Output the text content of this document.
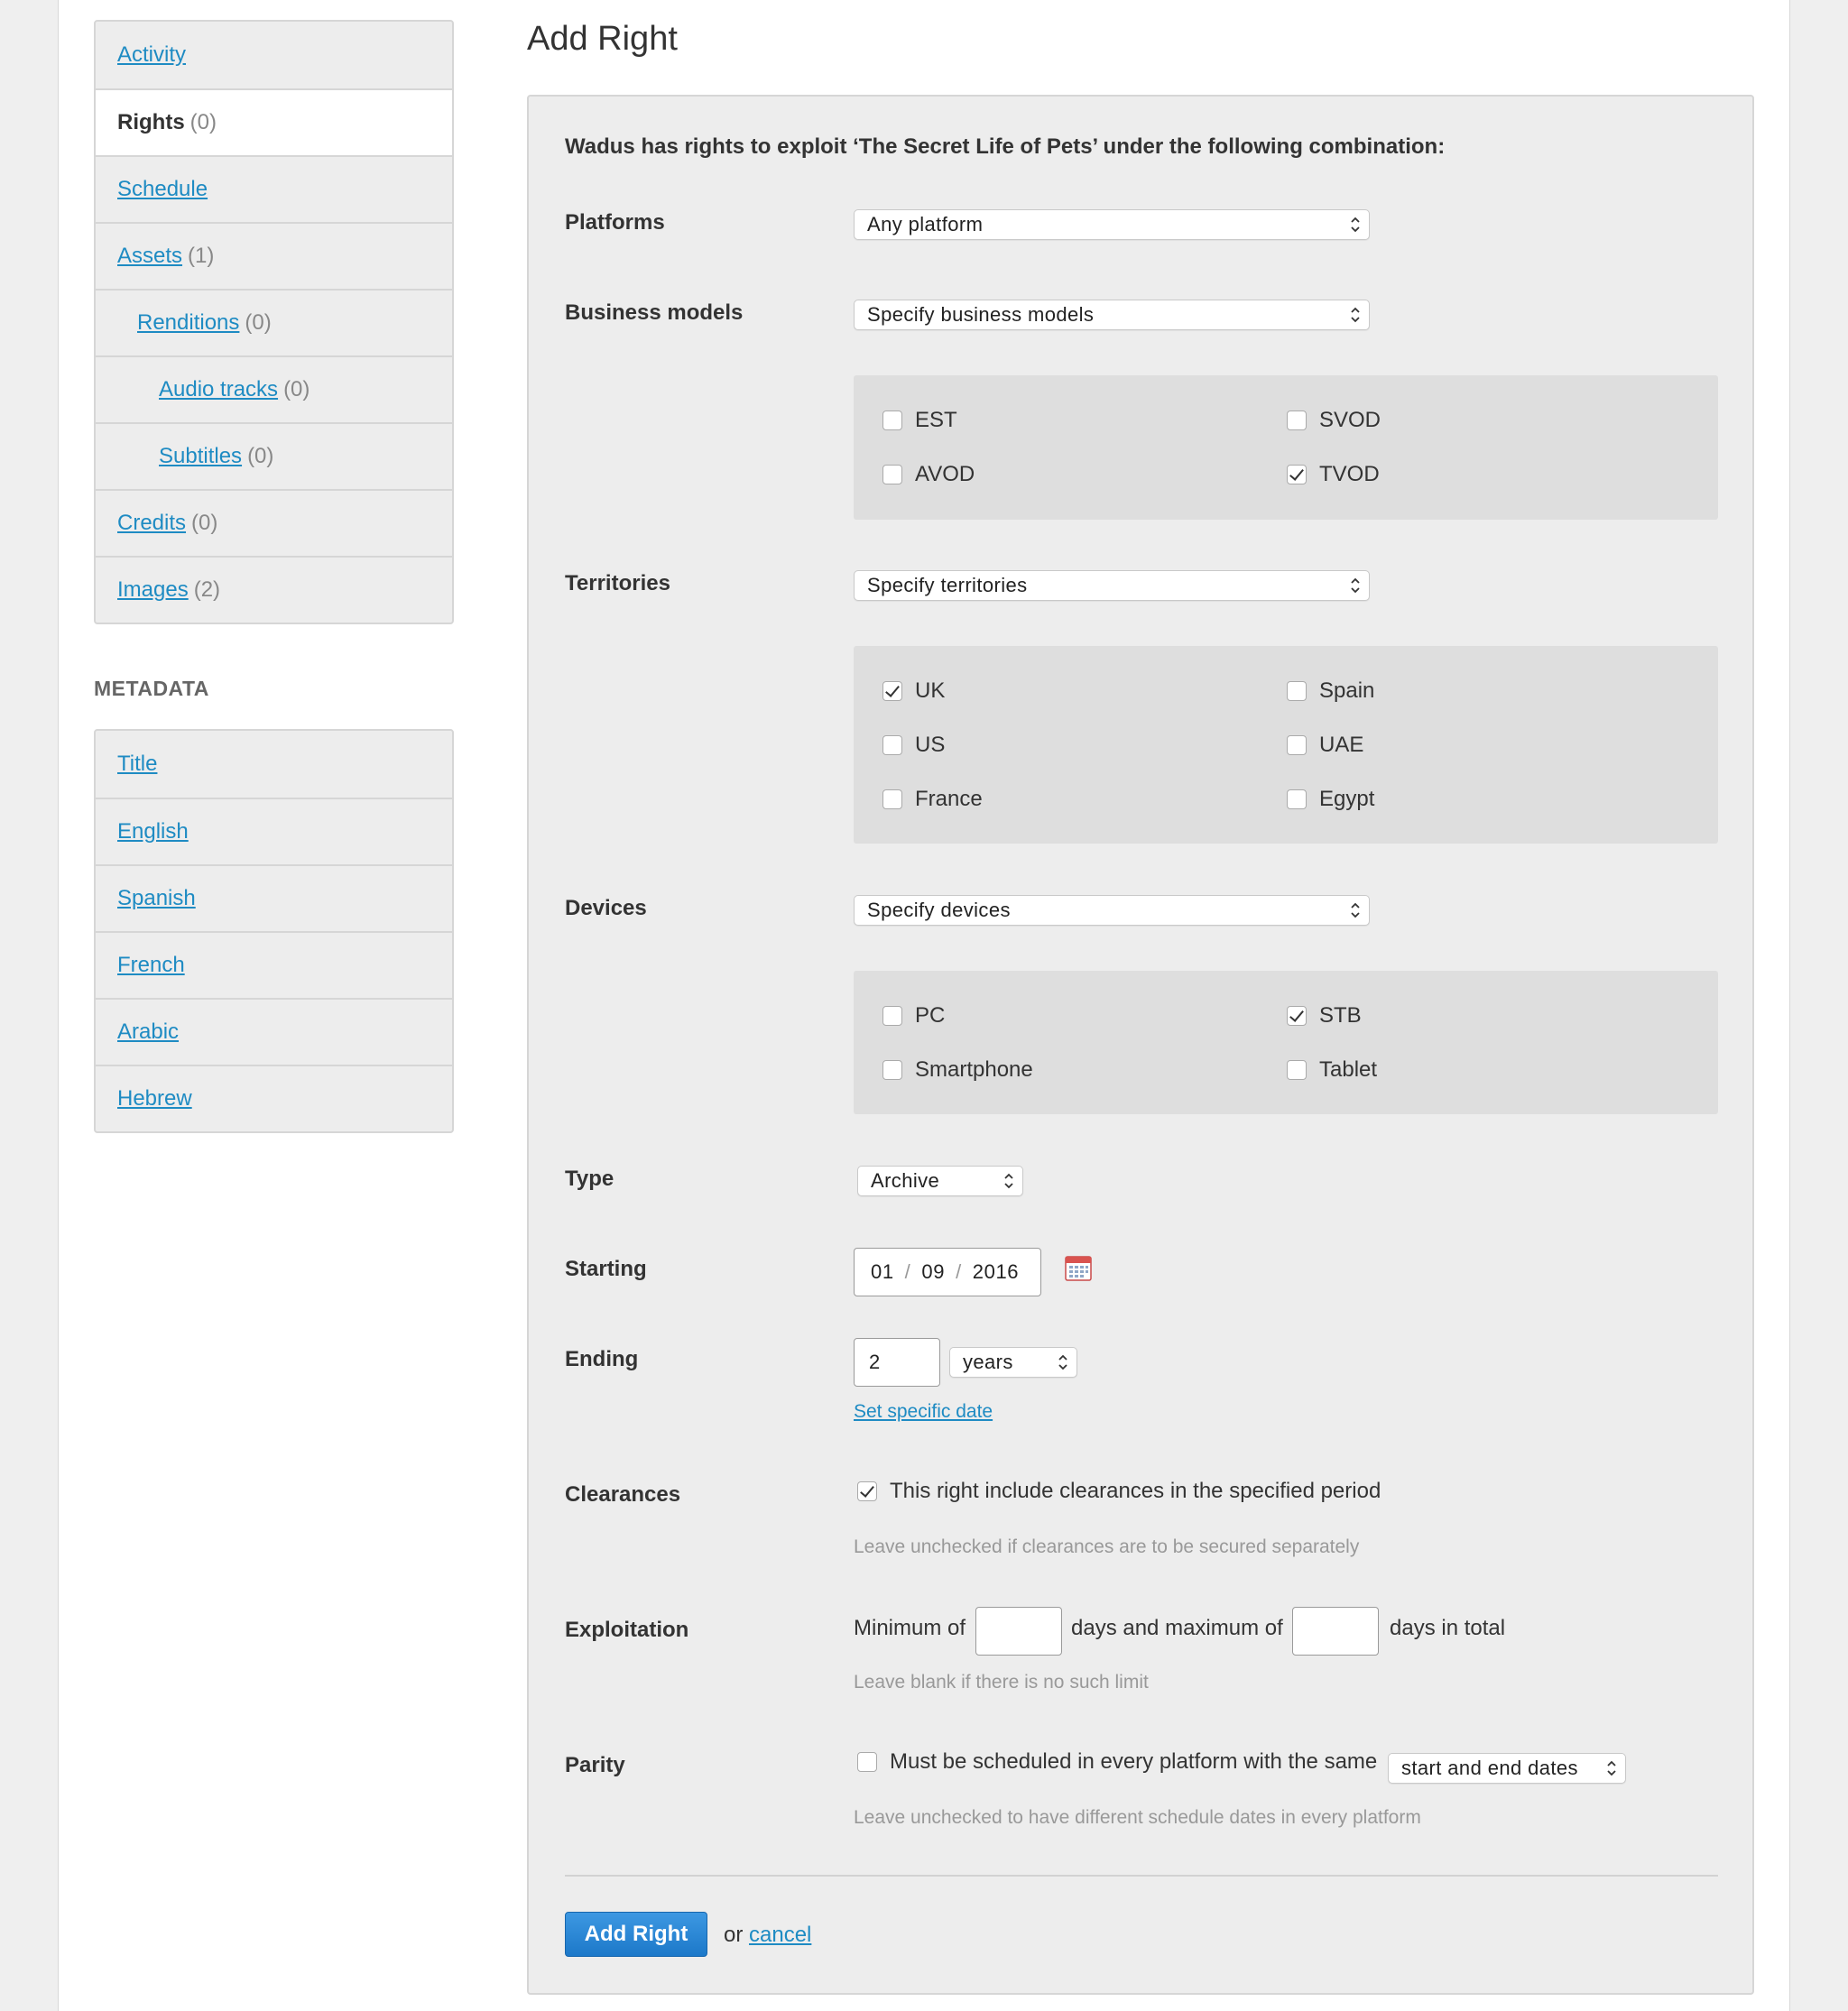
Activity
Rights (0)
Schedule
Assets (1)
Renditions (0)
Audio tracks (0)
Subtitles (0)
Credits (0)
Images (2)
METADATA
Title
English
Spanish
French
Arabic
Hebrew
Add Right
Wadus has rights to exploit ‘The Secret Life of Pets’ under the following combination:
Platforms	Any platform
Business models	Specify business models
EST	SVOD
AVOD	TVOD
Territories	Specify territories
UK	Spain
US	UAE
France	Egypt
Devices	Specify devices
PC	STB
Smartphone	Tablet
Type	Archive
Starting	01 / 09 / 2016
Ending	2	years
Set specific date
Clearances	This right include clearances in the specified period
Leave unchecked if clearances are to be secured separately
Exploitation	Minimum of	days and maximum of	days in total
Leave blank if there is no such limit
Parity	Must be scheduled in every platform with the same start and end dates
Leave unchecked to have different schedule dates in every platform
Add Right	or cancel
